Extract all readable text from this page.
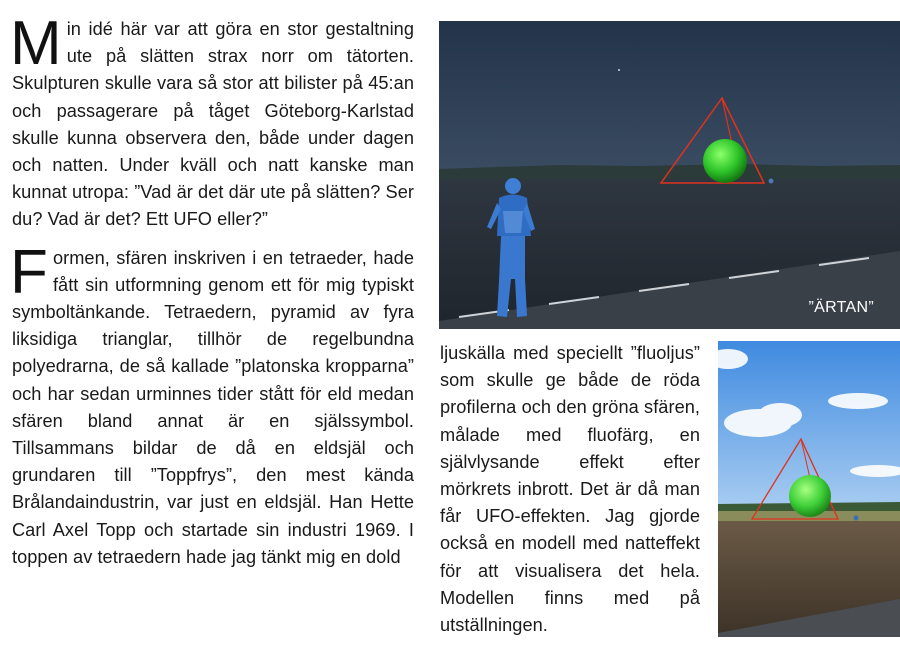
Min idé här var att göra en stor gestaltning ute på slätten strax norr om tätorten. Skulpturen skulle vara så stor att bilister på 45:an och passagerare på tåget Göteborg-Karlstad skulle kunna observera den, både under dagen och natten. Under kväll och natt kanske man kunnat utropa: ”Vad är det där ute på slätten? Ser du? Vad är det? Ett UFO eller?”

Formen, sfären inskriven i en tetraeder, hade fått sin utformning genom ett för mig typiskt symboltänkande. Tetraedern, pyramid av fyra liksidiga trianglar, tillhör de regelbundna polyedrarna, de så kallade ”platonska kropparna” och har sedan urminnes tider stått för eld medan sfären bland annat är en själssymbol. Tillsammans bildar de då en eldsjäl och grundaren till ”Toppfrys”, den mest kända Brålandaindustrin, var just en eldsjäl. Han Hette Carl Axel Topp och startade sin industri 1969. I toppen av tetraedern hade jag tänkt mig en dold

”ÄRTAN”

ljuskälla med speciellt ”fluoljus” som skulle ge både de röda profilerna och den gröna sfären, målade med fluofärg, en självlysande effekt efter mörkrets inbrott. Det är då man får UFO-effekten. Jag gjorde också en modell med natteffekt för att visualisera det hela. Modellen finns med på utställningen.
